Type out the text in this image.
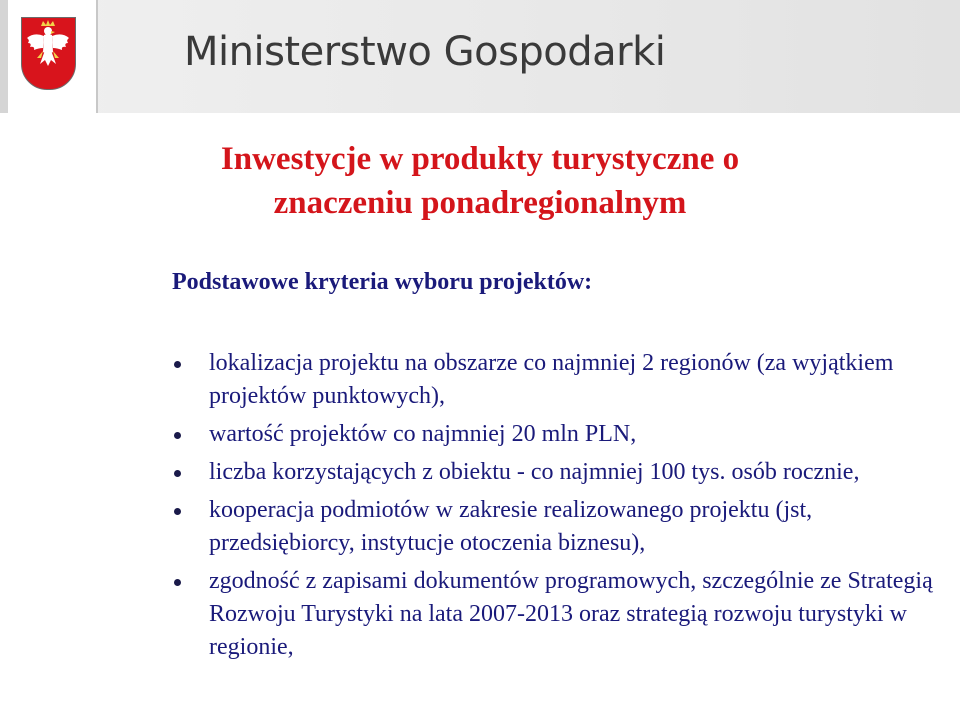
Ministerstwo Gospodarki
Inwestycje w produkty turystyczne o znaczeniu ponadregionalnym
Podstawowe kryteria wyboru projektów:
lokalizacja projektu na obszarze co najmniej 2 regionów (za wyjątkiem projektów punktowych),
wartość projektów co najmniej 20 mln PLN,
liczba korzystających z obiektu - co najmniej 100 tys. osób rocznie,
kooperacja podmiotów w zakresie realizowanego projektu (jst, przedsiębiorcy, instytucje otoczenia biznesu),
zgodność z zapisami dokumentów programowych, szczególnie ze Strategią Rozwoju Turystyki na lata 2007-2013 oraz strategią rozwoju turystyki w regionie,
